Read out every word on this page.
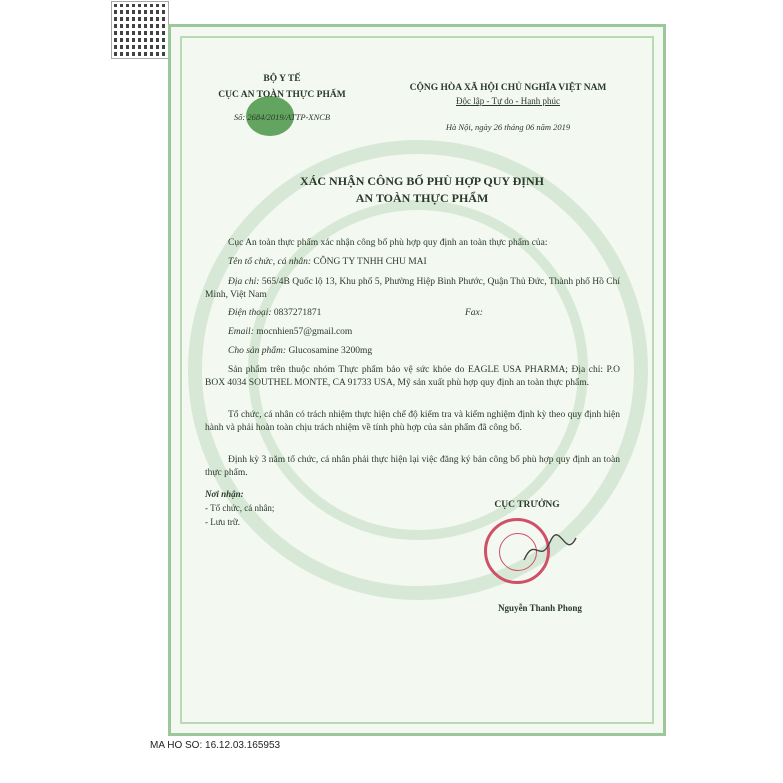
BỘ Y TẾ
CỤC AN TOÀN THỰC PHẨM
Số: 2684/2019/ATTP-XNCB
CỘNG HÒA XÃ HỘI CHỦ NGHĨA VIỆT NAM
Độc lập - Tự do - Hạnh phúc
Hà Nội, ngày 26 tháng 06 năm 2019
XÁC NHẬN CÔNG BỐ PHÙ HỢP QUY ĐỊNH
AN TOÀN THỰC PHẨM
Cục An toàn thực phẩm xác nhận công bố phù hợp quy định an toàn thực phẩm của:
Tên tổ chức, cá nhân: CÔNG TY TNHH CHU MAI
Địa chỉ: 565/4B Quốc lộ 13, Khu phố 5, Phường Hiệp Bình Phước, Quận Thủ Đức, Thành phố Hồ Chí Minh, Việt Nam
Điện thoại: 0837271871	Fax:
Email: mocnhien57@gmail.com
Cho sản phẩm: Glucosamine 3200mg
Sản phẩm trên thuộc nhóm Thực phẩm bảo vệ sức khỏe do EAGLE USA PHARMA; Địa chỉ: P.O BOX 4034 SOUTHEL MONTE, CA 91733 USA, Mỹ sản xuất phù hợp quy định an toàn thực phẩm.
Tổ chức, cá nhân có trách nhiệm thực hiện chế độ kiểm tra và kiểm nghiệm định kỳ theo quy định hiện hành và phải hoàn toàn chịu trách nhiệm về tính phù hợp của sản phẩm đã công bố.
Định kỳ 3 năm tổ chức, cá nhân phải thực hiện lại việc đăng ký bản công bố phù hợp quy định an toàn thực phẩm.
Nơi nhận:
- Tổ chức, cá nhân;
- Lưu trữ.
CỤC TRƯỞNG
Nguyễn Thanh Phong
MA HO SO: 16.12.03.165953
